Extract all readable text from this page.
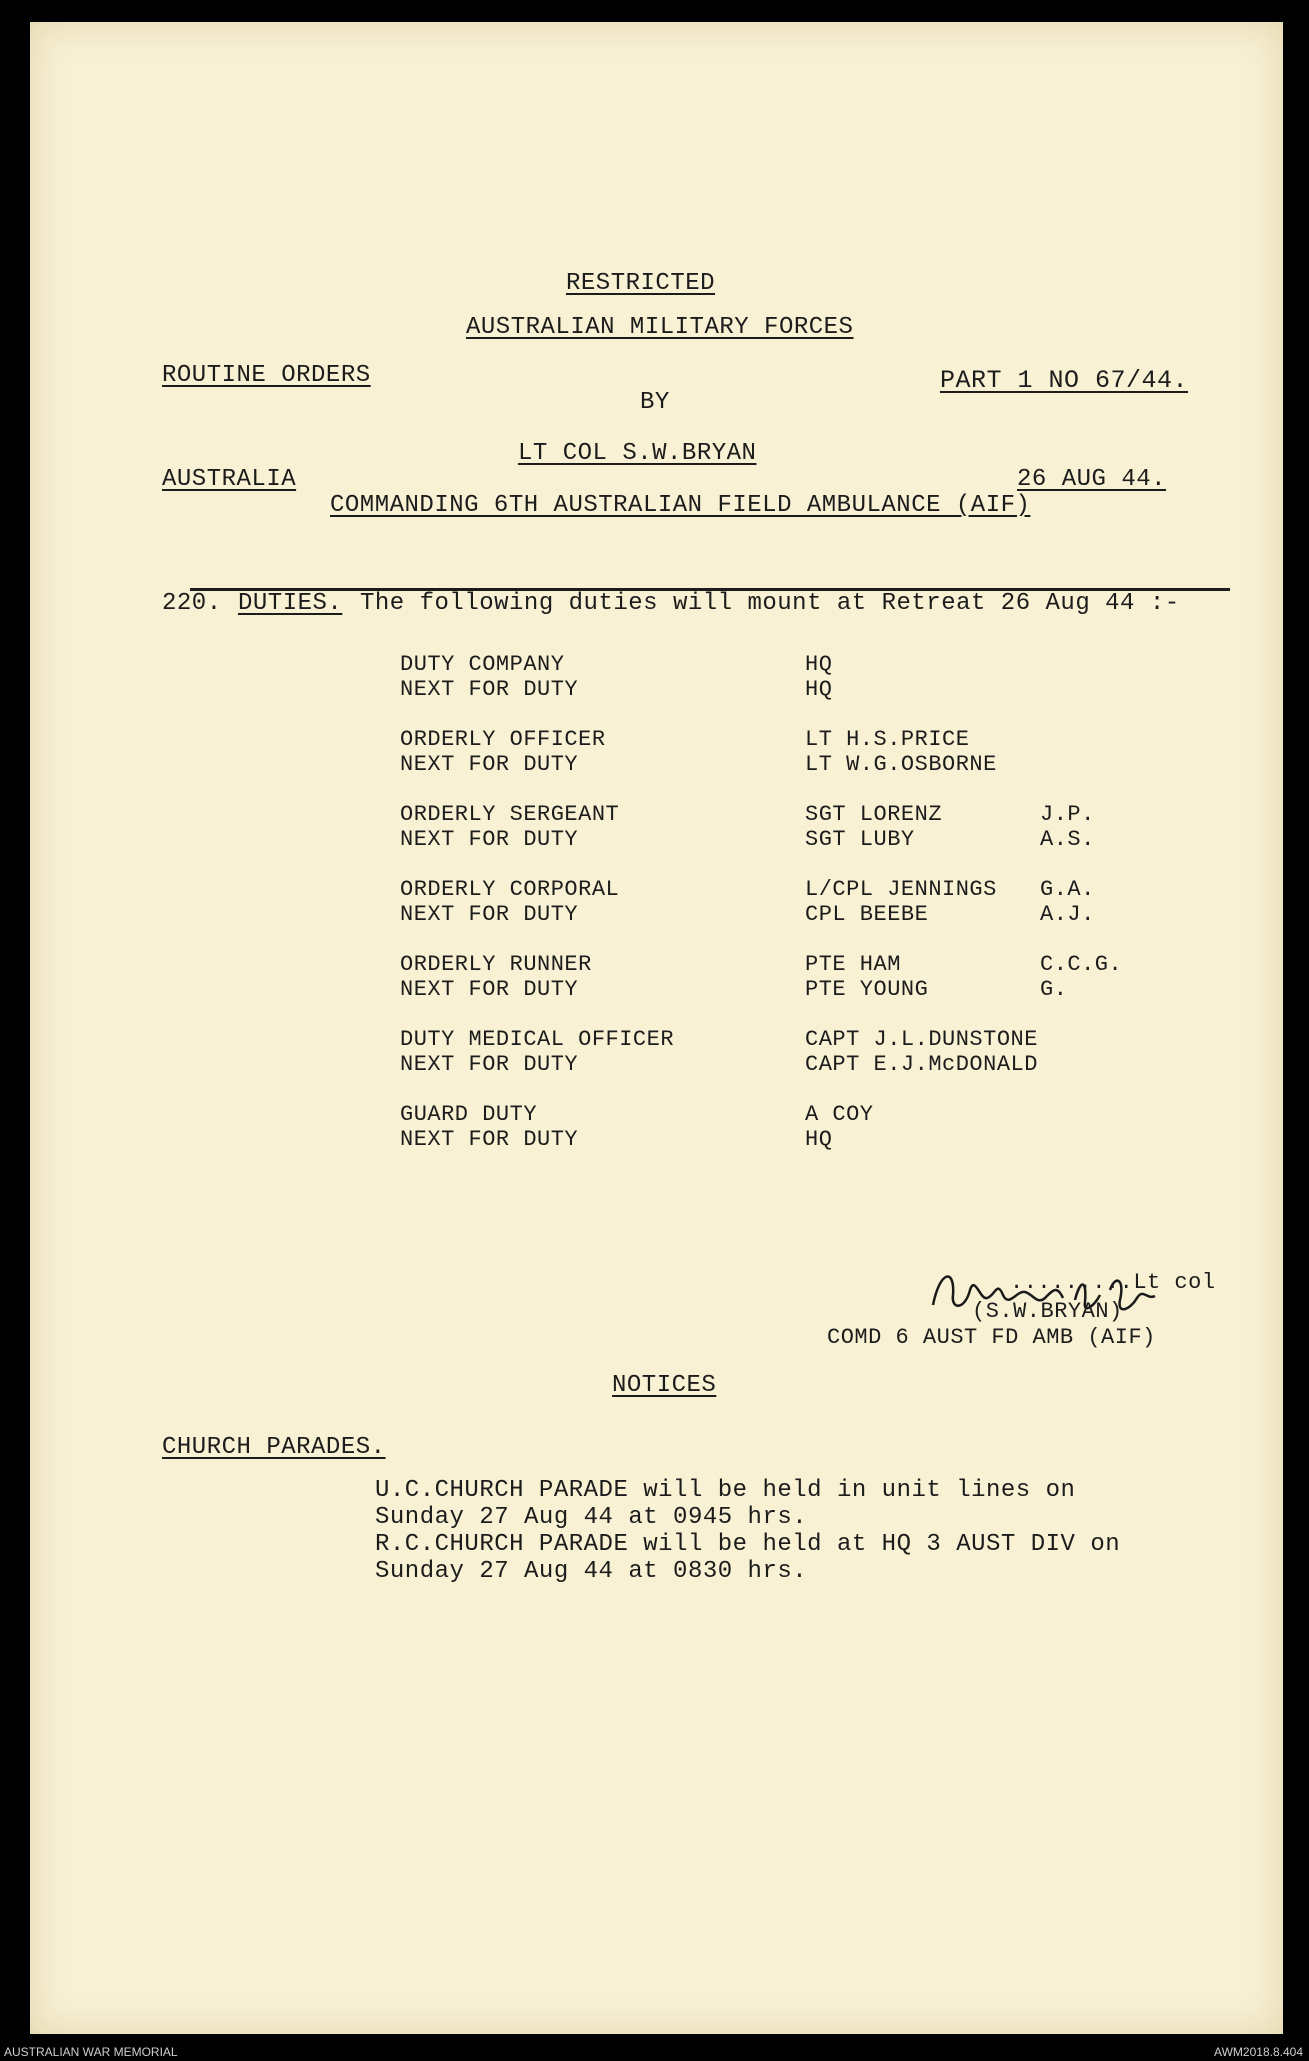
RESTRICTED
AUSTRALIAN MILITARY FORCES
ROUTINE ORDERS	PART 1 NO 67/44.
BY
LT COL S.W.BRYAN
AUSTRALIA	26 AUG 44.
COMMANDING 6TH AUSTRALIAN FIELD AMBULANCE (AIF)
220. DUTIES. The following duties will mount at Retreat 26 Aug 44 :-
DUTY COMPANY	HQ
NEXT FOR DUTY	HQ
ORDERLY OFFICER	LT H.S.PRICE
NEXT FOR DUTY	LT W.G.OSBORNE
ORDERLY SERGEANT	SGT LORENZ	J.P.
NEXT FOR DUTY	SGT LUBY	A.S.
ORDERLY CORPORAL	L/CPL JENNINGS G.A.
NEXT FOR DUTY	CPL BEEBE	A.J.
ORDERLY RUNNER	PTE HAM	C.C.G.
NEXT FOR DUTY	PTE YOUNG	G.
DUTY MEDICAL OFFICER	CAPT J.L.DUNSTONE
NEXT FOR DUTY	CAPT E.J.McDONALD
GUARD DUTY	A COY
NEXT FOR DUTY	HQ
.........Lt col
(S.W.BRYAN)
COMD 6 AUST FD AMB (AIF)
NOTICES
CHURCH PARADES.
U.C.CHURCH PARADE will be held in unit lines on
Sunday 27 Aug 44 at 0945 hrs.
R.C.CHURCH PARADE will be held at HQ 3 AUST DIV on
Sunday 27 Aug 44 at 0830 hrs.
AUSTRALIAN WAR MEMORIAL	AWM2018.8.404
